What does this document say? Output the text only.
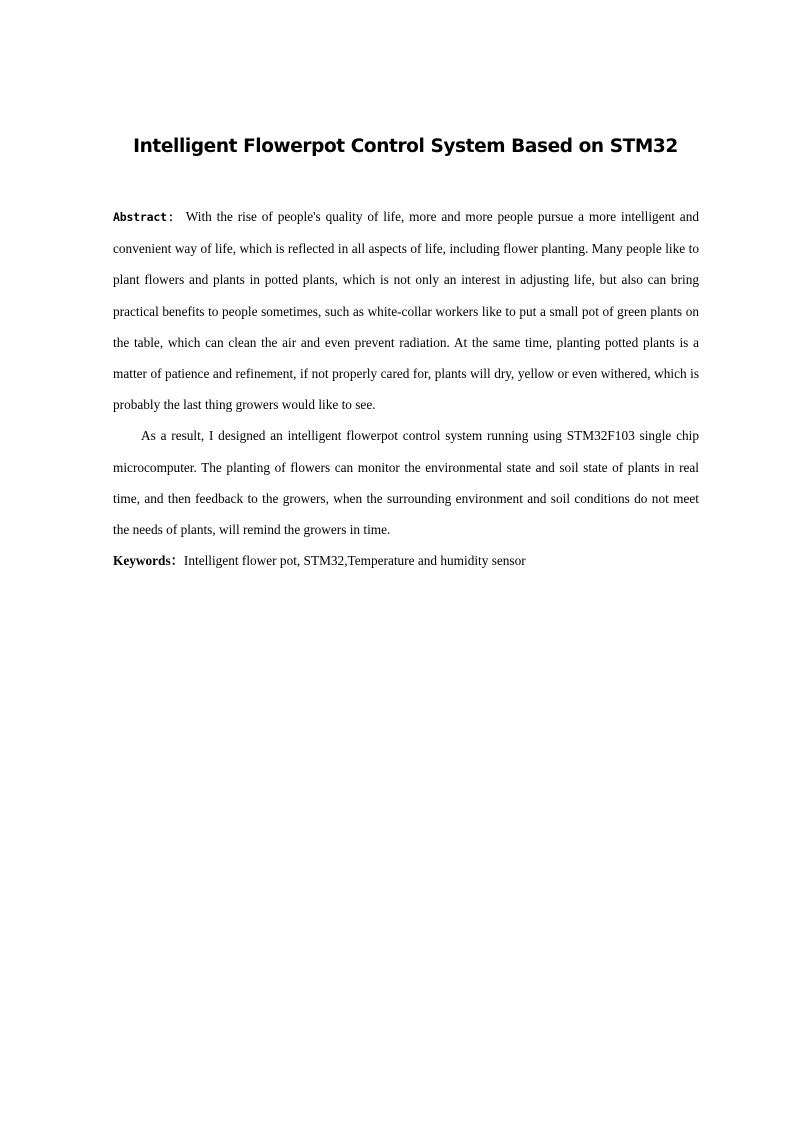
Intelligent Flowerpot Control System Based on STM32

Abstract： With the rise of people's quality of life, more and more people pursue a more intelligent and convenient way of life, which is reflected in all aspects of life, including flower planting. Many people like to plant flowers and plants in potted plants, which is not only an interest in adjusting life, but also can bring practical benefits to people sometimes, such as white-collar workers like to put a small pot of green plants on the table, which can clean the air and even prevent radiation. At the same time, planting potted plants is a matter of patience and refinement, if not properly cared for, plants will dry, yellow or even withered, which is probably the last thing growers would like to see.

As a result, I designed an intelligent flowerpot control system running using STM32F103 single chip microcomputer. The planting of flowers can monitor the environmental state and soil state of plants in real time, and then feedback to the growers, when the surrounding environment and soil conditions do not meet the needs of plants, will remind the growers in time.

Keywords：Intelligent flower pot, STM32,Temperature and humidity sensor
